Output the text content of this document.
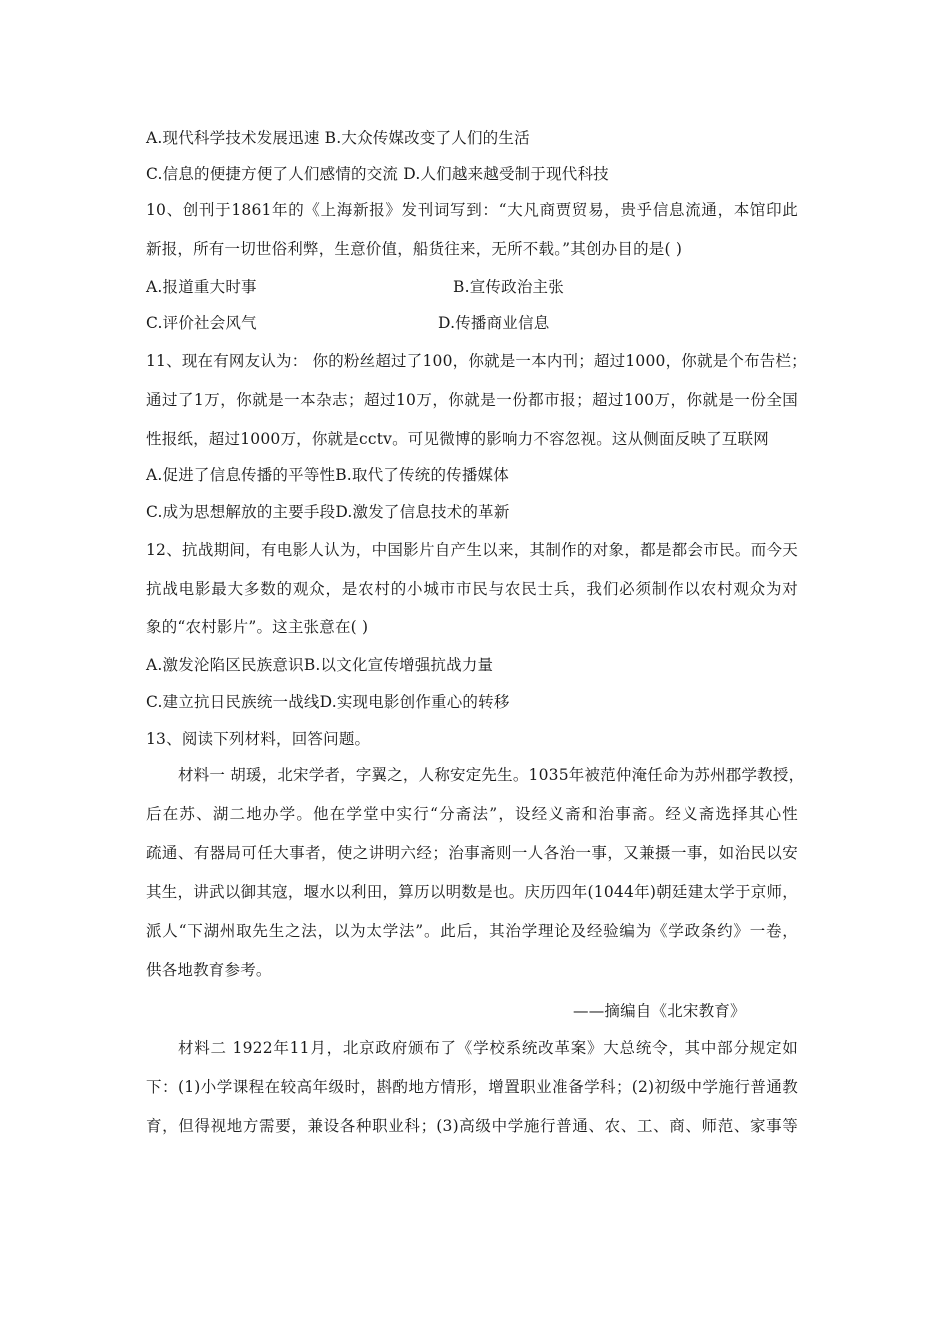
A.现代科学技术发展迅速 B.大众传媒改变了人们的生活
C.信息的便捷方便了人们感情的交流 D.人们越来越受制于现代科技
10、创刊于1861年的《上海新报》发刊词写到：“大凡商贾贸易，贵乎信息流通，本馆印此
新报，所有一切世俗利弊，生意价值，船货往来，无所不载。”其创办目的是( )
A.报道重大时事	B.宣传政治主张
C.评价社会风气	D.传播商业信息
11、现在有网友认为： 你的粉丝超过了100，你就是一本内刊；超过1000，你就是个布告栏；
通过了1万，你就是一本杂志；超过10万，你就是一份都市报；超过100万，你就是一份全国
性报纸，超过1000万，你就是cctv。可见微博的影响力不容忽视。这从侧面反映了互联网
A.促进了信息传播的平等性B.取代了传统的传播媒体
C.成为思想解放的主要手段D.激发了信息技术的革新
12、抗战期间，有电影人认为，中国影片自产生以来，其制作的对象，都是都会市民。而今天
抗战电影最大多数的观众，是农村的小城市市民与农民士兵，我们必须制作以农村观众为对
象的“农村影片”。这主张意在( )
A.激发沦陷区民族意识B.以文化宣传增强抗战力量
C.建立抗日民族统一战线D.实现电影创作重心的转移
13、阅读下列材料，回答问题。
材料一 胡瑗，北宋学者，字翼之，人称安定先生。1035年被范仲淹任命为苏州郡学教授，
后在苏、湖二地办学。他在学堂中实行“分斋法”，设经义斋和治事斋。经义斋选择其心性
疏通、有器局可任大事者，使之讲明六经；治事斋则一人各治一事，又兼摄一事，如治民以安
其生，讲武以御其寇，堰水以利田，算历以明数是也。庆历四年(1044年)朝廷建太学于京师，
派人“下湖州取先生之法，以为太学法”。此后，其治学理论及经验编为《学政条约》一卷，
供各地教育参考。
——摘编自《北宋教育》
材料二 1922年11月，北京政府颁布了《学校系统改革案》大总统令，其中部分规定如
下：(1)小学课程在较高年级时，斟酌地方情形，增置职业准备学科；(2)初级中学施行普通教
育，但得视地方需要，兼设各种职业科；(3)高级中学施行普通、农、工、商、师范、家事等
